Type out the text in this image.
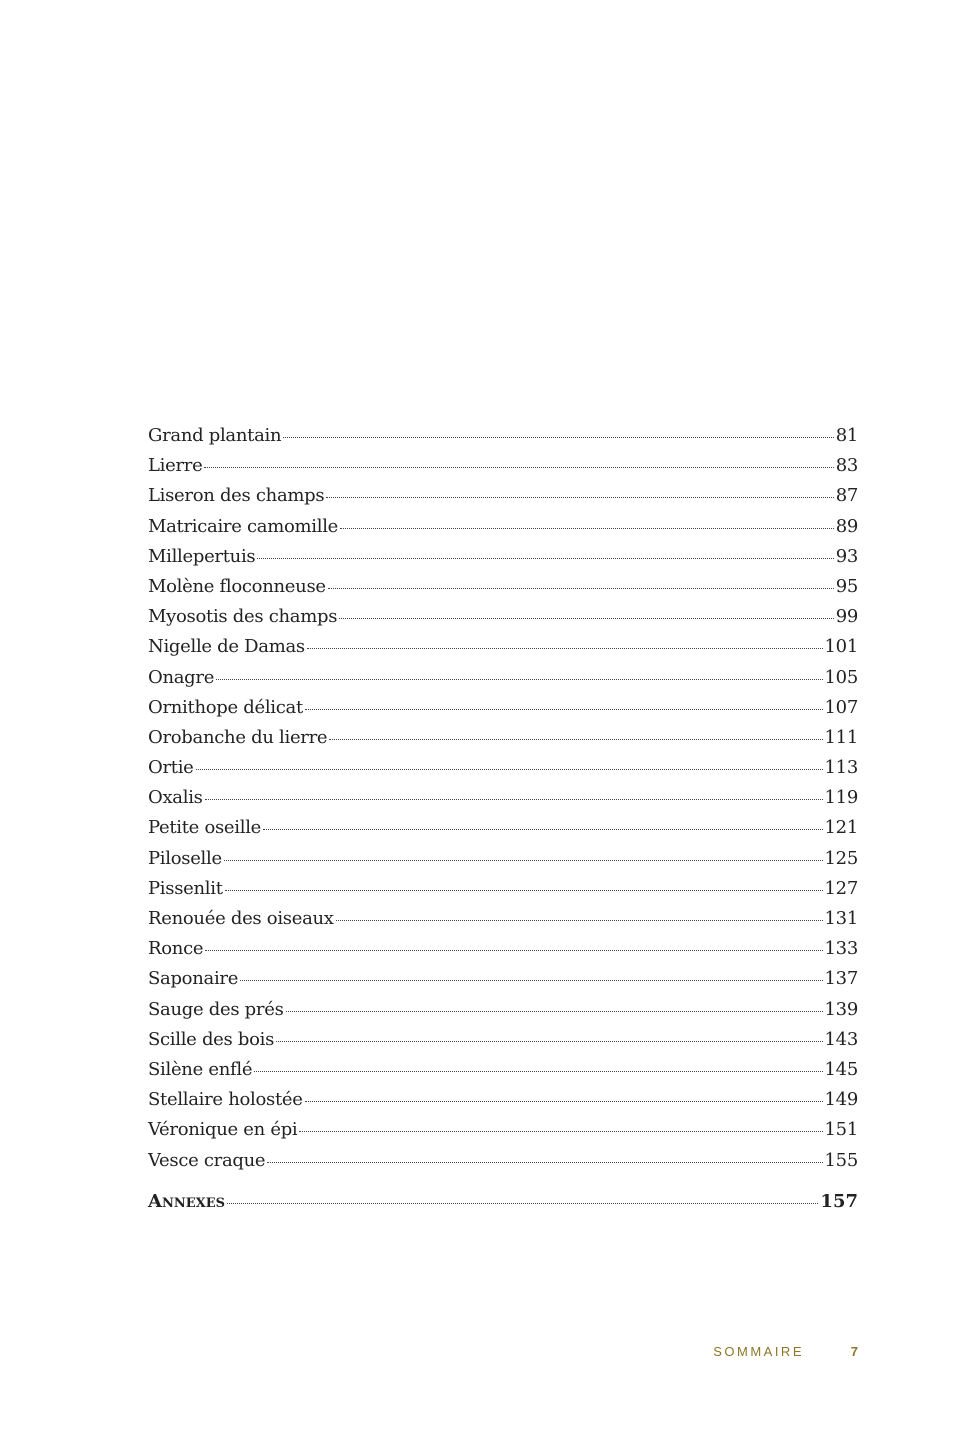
Grand plantain	81
Lierre	83
Liseron des champs	87
Matricaire camomille	89
Millepertuis	93
Molène floconneuse	95
Myosotis des champs	99
Nigelle de Damas	101
Onagre	105
Ornithope délicat	107
Orobanche du lierre	111
Ortie	113
Oxalis	119
Petite oseille	121
Piloselle	125
Pissenlit	127
Renouée des oiseaux	131
Ronce	133
Saponaire	137
Sauge des prés	139
Scille des bois	143
Silène enflé	145
Stellaire holostée	149
Véronique en épi	151
Vesce craque	155
Annexes	157
SOMMAIRE	7
